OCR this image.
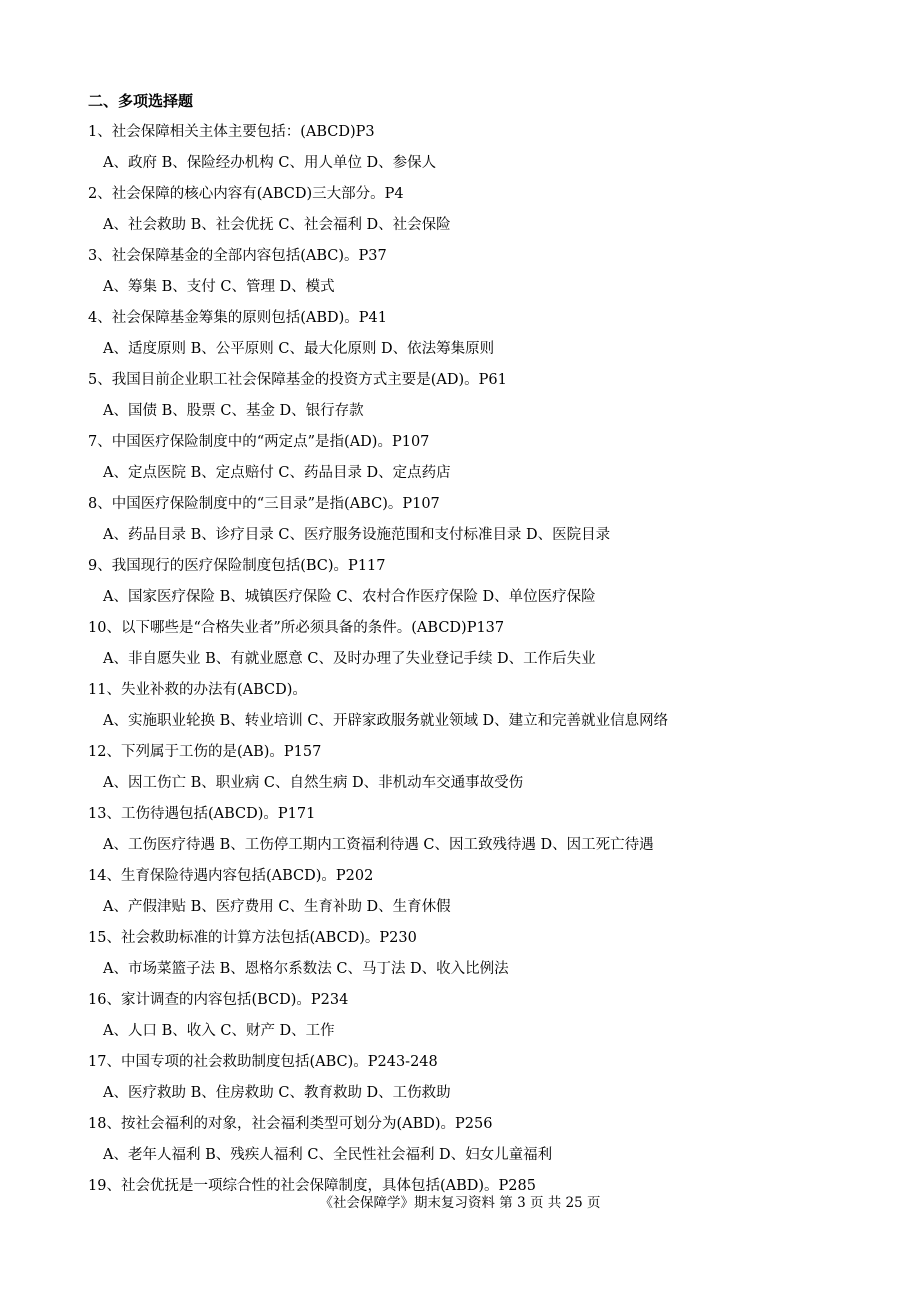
二、多项选择题
1、社会保障相关主体主要包括：(ABCD)P3
A、政府 B、保险经办机构 C、用人单位 D、参保人
2、社会保障的核心内容有(ABCD)三大部分。P4
A、社会救助 B、社会优抚 C、社会福利 D、社会保险
3、社会保障基金的全部内容包括(ABC)。P37
A、筹集 B、支付 C、管理 D、模式
4、社会保障基金筹集的原则包括(ABD)。P41
A、适度原则 B、公平原则 C、最大化原则 D、依法筹集原则
5、我国目前企业职工社会保障基金的投资方式主要是(AD)。P61
A、国债 B、股票 C、基金 D、银行存款
7、中国医疗保险制度中的“两定点”是指(AD)。P107
A、定点医院 B、定点赔付 C、药品目录 D、定点药店
8、中国医疗保险制度中的“三目录”是指(ABC)。P107
A、药品目录 B、诊疗目录 C、医疗服务设施范围和支付标准目录 D、医院目录
9、我国现行的医疗保险制度包括(BC)。P117
A、国家医疗保险 B、城镇医疗保险 C、农村合作医疗保险 D、单位医疗保险
10、以下哪些是“合格失业者”所必须具备的条件。(ABCD)P137
A、非自愿失业 B、有就业愿意 C、及时办理了失业登记手续 D、工作后失业
11、失业补救的办法有(ABCD)。
A、实施职业轮换 B、转业培训 C、开辟家政服务就业领域 D、建立和完善就业信息网络
12、下列属于工伤的是(AB)。P157
A、因工伤亡 B、职业病 C、自然生病 D、非机动车交通事故受伤
13、工伤待遇包括(ABCD)。P171
A、工伤医疗待遇 B、工伤停工期内工资福利待遇 C、因工致残待遇 D、因工死亡待遇
14、生育保险待遇内容包括(ABCD)。P202
A、产假津贴 B、医疗费用 C、生育补助 D、生育休假
15、社会救助标准的计算方法包括(ABCD)。P230
A、市场菜篮子法 B、恩格尔系数法 C、马丁法 D、收入比例法
16、家计调查的内容包括(BCD)。P234
A、人口 B、收入 C、财产 D、工作
17、中国专项的社会救助制度包括(ABC)。P243-248
A、医疗救助 B、住房救助 C、教育救助 D、工伤救助
18、按社会福利的对象，社会福利类型可划分为(ABD)。P256
A、老年人福利 B、残疾人福利 C、全民性社会福利 D、妇女儿童福利
19、社会优抚是一项综合性的社会保障制度，具体包括(ABD)。P285
《社会保障学》期末复习资料 第 3 页 共 25 页
